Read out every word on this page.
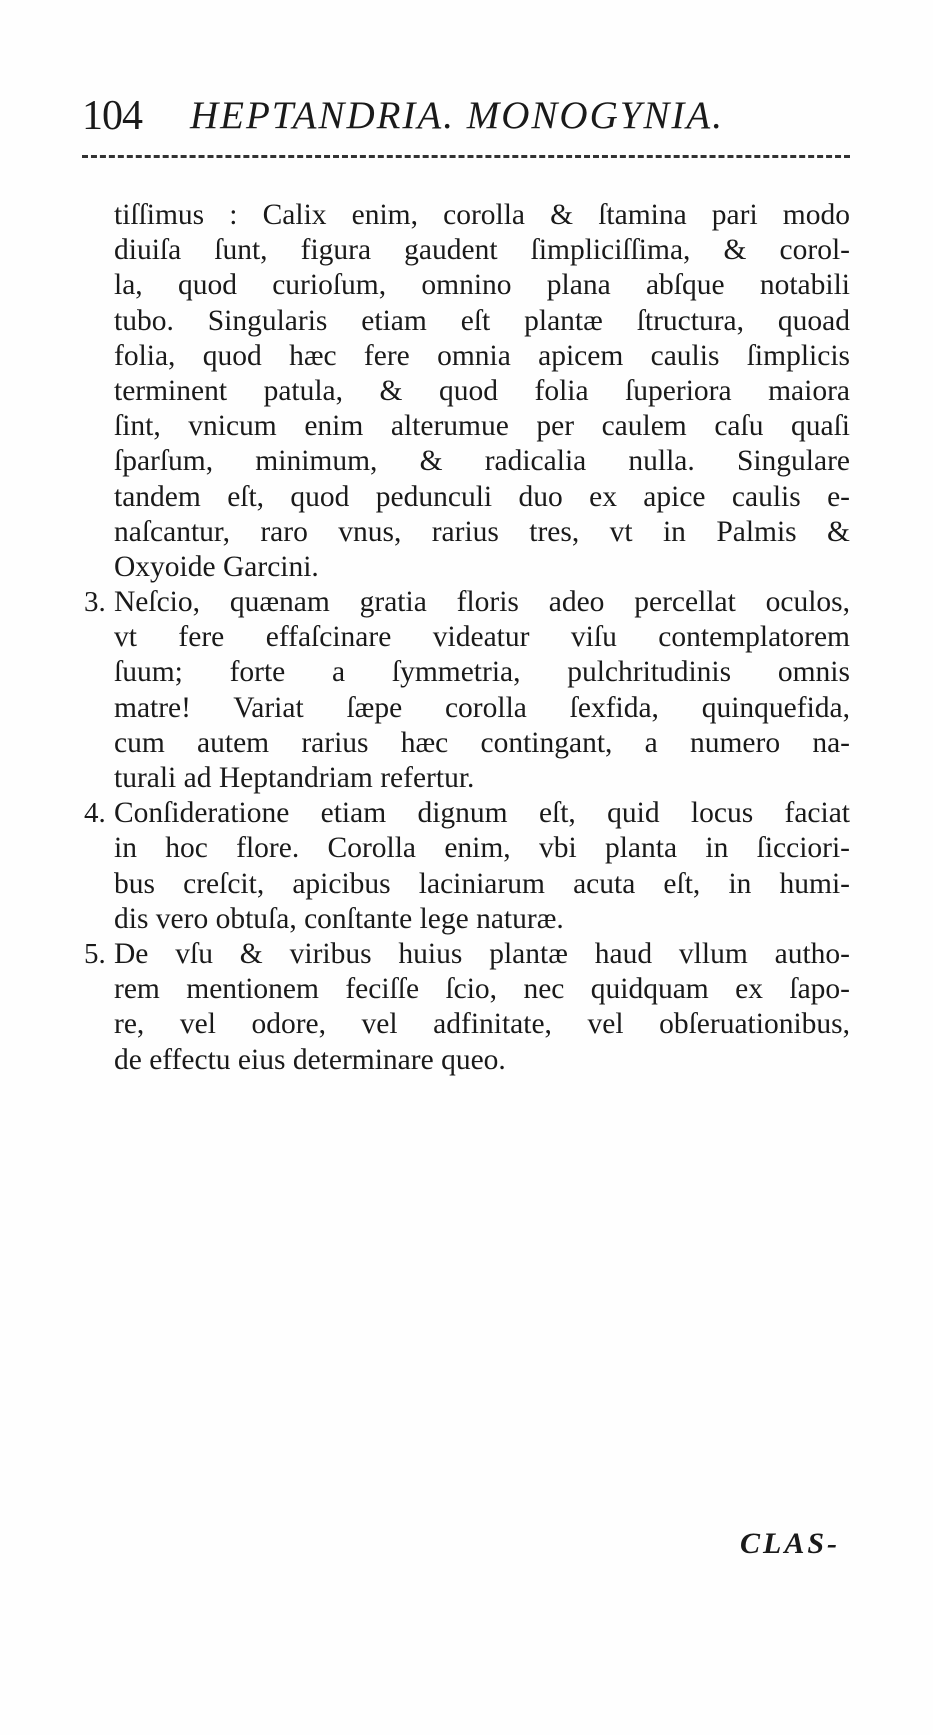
104 HEPTANDRIA. MONOGYNIA.
tiſſimus : Calix enim, corolla & ſtamina pari modo
diuiſa ſunt, figura gaudent ſimpliciſſima, & corol-
la, quod curioſum, omnino plana abſque notabili
tubo. Singularis etiam eſt plantæ ſtructura, quoad
folia, quod hæc fere omnia apicem caulis ſimplicis
terminent patula, & quod folia ſuperiora maiora
ſint, vnicum enim alterumue per caulem caſu quaſi
ſparſum, minimum, & radicalia nulla. Singulare
tandem eſt, quod pedunculi duo ex apice caulis e-
naſcantur, raro vnus, rarius tres, vt in Palmis &
Oxyoide Garcini.
3. Neſcio, quænam gratia floris adeo percellat oculos,
vt fere effaſcinare videatur viſu contemplatorem
ſuum; forte a ſymmetria, pulchritudinis omnis
matre! Variat ſæpe corolla ſexfida, quinquefida,
cum autem rarius hæc contingant, a numero na-
turali ad Heptandriam refertur.
4. Conſideratione etiam dignum eſt, quid locus faciat
in hoc flore. Corolla enim, vbi planta in ſicciori-
bus creſcit, apicibus laciniarum acuta eſt, in humi-
dis vero obtuſa, conſtante lege naturæ.
5. De vſu & viribus huius plantæ haud vllum autho-
rem mentionem feciſſe ſcio, nec quidquam ex ſapo-
re, vel odore, vel adfinitate, vel obſeruationibus,
de effectu eius determinare queo.
CLAS-
